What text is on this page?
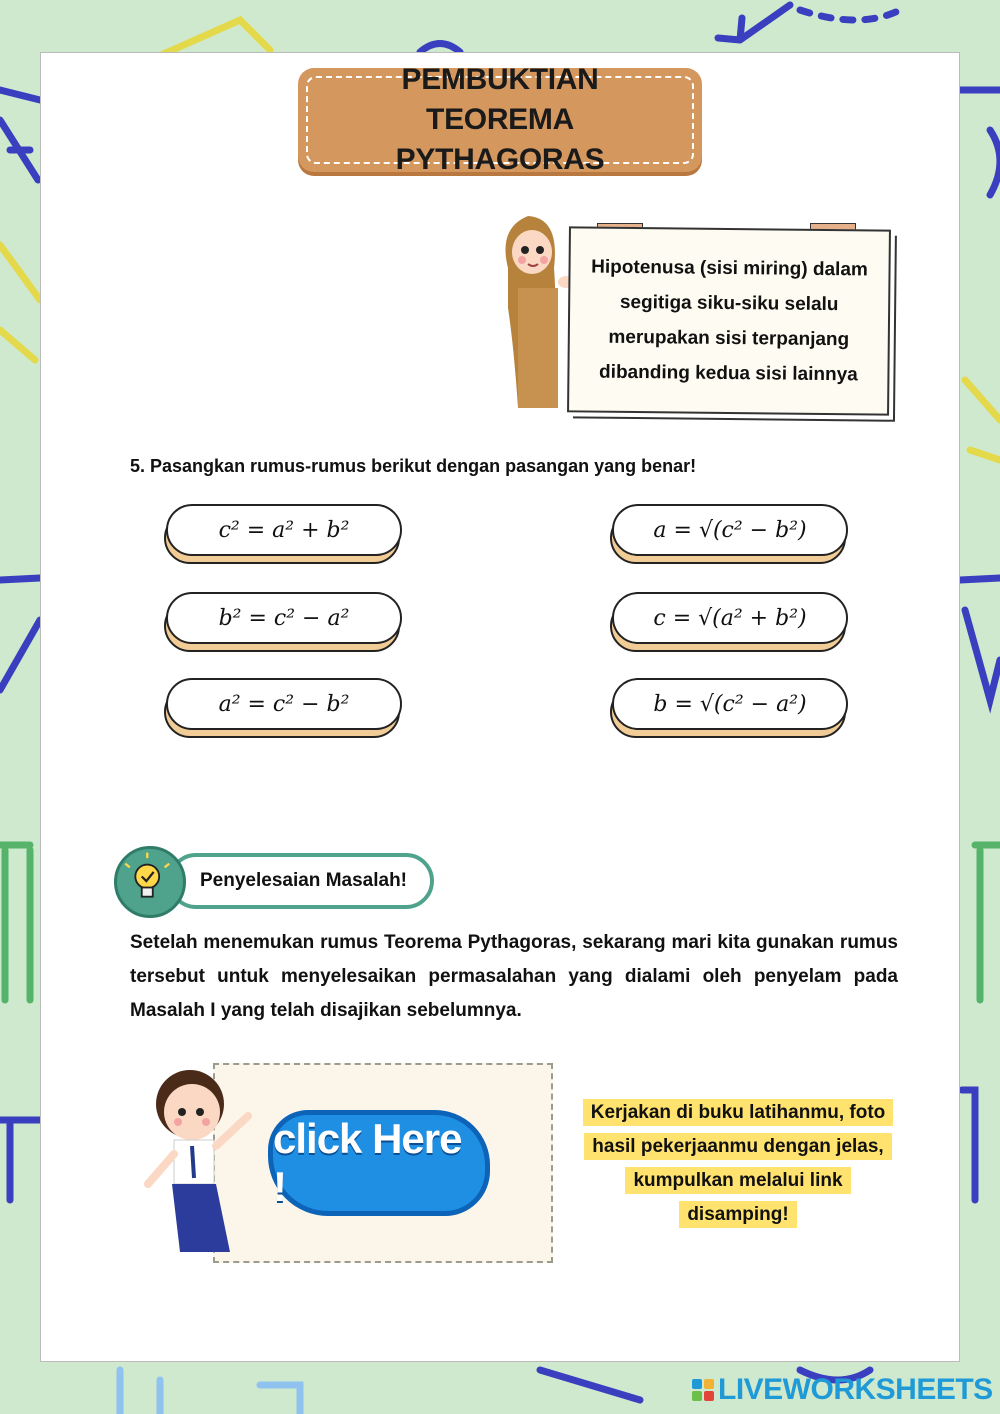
PEMBUKTIAN TEOREMA PYTHAGORAS
Hipotenusa (sisi miring) dalam segitiga siku-siku selalu merupakan sisi terpanjang dibanding kedua sisi lainnya
5. Pasangkan rumus-rumus berikut dengan pasangan yang benar!
c² = a² + b²
b² = c² − a²
a² = c² − b²
a = √(c² − b²)
c = √(a² + b²)
b = √(c² − a²)
Penyelesaian Masalah!
Setelah menemukan rumus Teorema Pythagoras, sekarang mari kita gunakan rumus tersebut untuk menyelesaikan permasalahan yang dialami oleh penyelam pada Masalah I yang telah disajikan sebelumnya.
click Here !
Kerjakan di buku latihanmu, foto hasil pekerjaanmu dengan jelas, kumpulkan melalui link disamping!
LIVEWORKSHEETS
